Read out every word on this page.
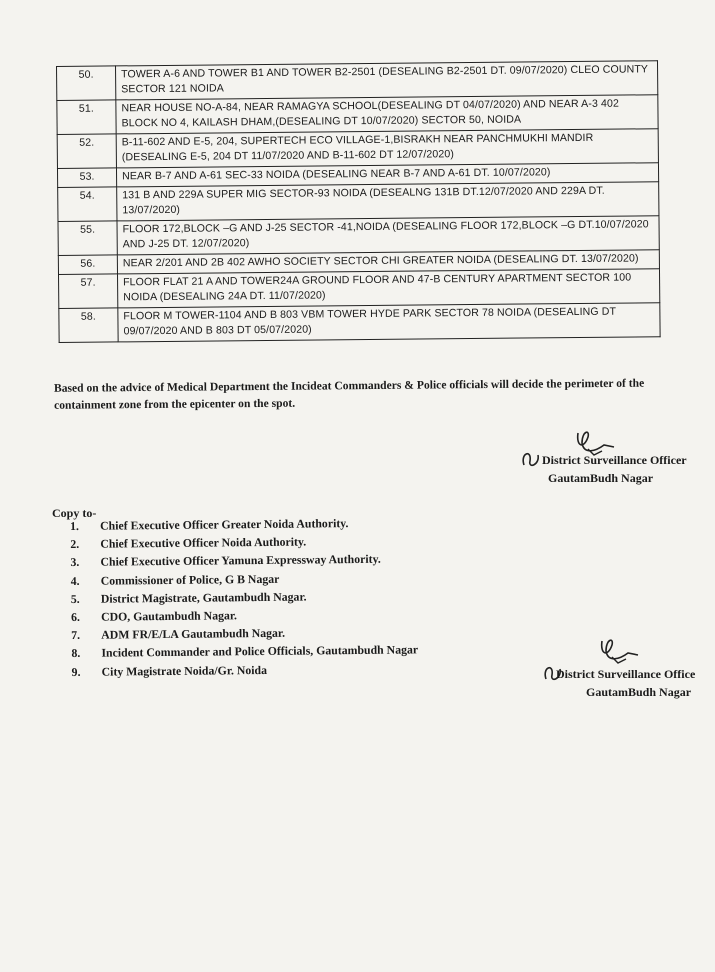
50.	TOWER A-6 AND TOWER B1 AND TOWER B2-2501 (DESEALING B2-2501 DT. 09/07/2020) CLEO COUNTY SECTOR 121 NOIDA
51.	NEAR HOUSE NO-A-84, NEAR RAMAGYA SCHOOL(DESEALING DT 04/07/2020) AND NEAR A-3 402 BLOCK NO 4, KAILASH DHAM,(DESEALING DT 10/07/2020) SECTOR 50, NOIDA
52.	B-11-602 AND E-5, 204, SUPERTECH ECO VILLAGE-1,BISRAKH NEAR PANCHMUKHI MANDIR (DESEALING E-5, 204 DT 11/07/2020 AND B-11-602 DT 12/07/2020)
53.	NEAR B-7 AND A-61 SEC-33 NOIDA (DESEALING NEAR B-7 AND A-61 DT. 10/07/2020)
54.	131 B AND 229A SUPER MIG SECTOR-93 NOIDA (DESEALNG 131B DT.12/07/2020 AND 229A DT. 13/07/2020)
55.	FLOOR 172,BLOCK –G AND J-25 SECTOR -41,NOIDA (DESEALING FLOOR 172,BLOCK –G DT.10/07/2020 AND J-25 DT. 12/07/2020)
56.	NEAR 2/201 AND 2B 402 AWHO SOCIETY SECTOR CHI GREATER NOIDA (DESEALING DT. 13/07/2020)
57.	FLOOR FLAT 21 A AND TOWER24A GROUND FLOOR AND 47-B CENTURY APARTMENT SECTOR 100 NOIDA (DESEALING 24A DT. 11/07/2020)
58.	FLOOR M TOWER-1104 AND B 803 VBM TOWER HYDE PARK SECTOR 78 NOIDA (DESEALING DT 09/07/2020 AND B 803 DT 05/07/2020)
Based on the advice of Medical Department the Incideat Commanders & Police officials will decide the perimeter of the containment zone from the epicenter on the spot.
District Surveillance Officer
GautamBudh Nagar
Copy to-
1. Chief Executive Officer Greater Noida Authority.
2. Chief Executive Officer Noida Authority.
3. Chief Executive Officer Yamuna Expressway Authority.
4. Commissioner of Police, G B Nagar
5. District Magistrate, Gautambudh Nagar.
6. CDO, Gautambudh Nagar.
7. ADM FR/E/LA Gautambudh Nagar.
8. Incident Commander and Police Officials, Gautambudh Nagar
9. City Magistrate Noida/Gr. Noida	District Surveillance Office
GautamBudh Nagar
